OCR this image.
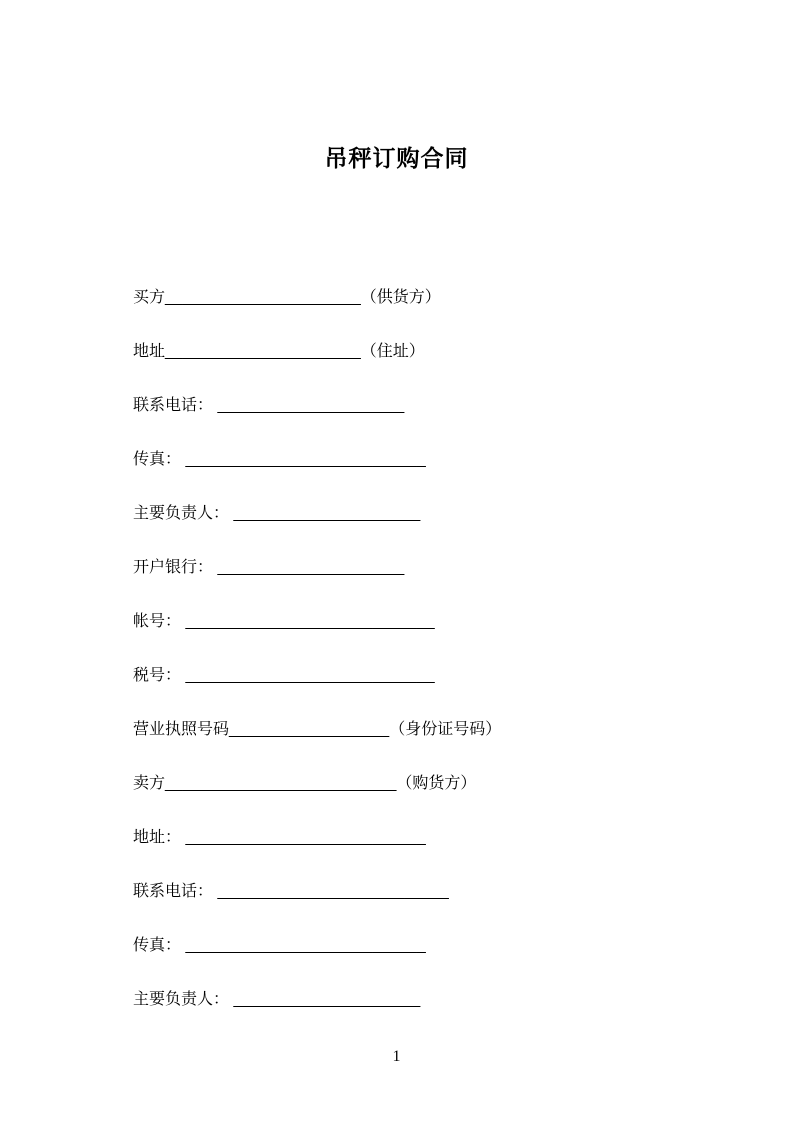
吊秤订购合同

买方______________________（供货方）

地址______________________（住址）

联系电话： _____________________

传真： ___________________________

主要负责人： _____________________

开户银行： _____________________

帐号： ____________________________

税号： ____________________________

营业执照号码__________________（身份证号码）

卖方__________________________（购货方）

地址： ___________________________

联系电话： __________________________

传真： ___________________________

主要负责人： _____________________

1
